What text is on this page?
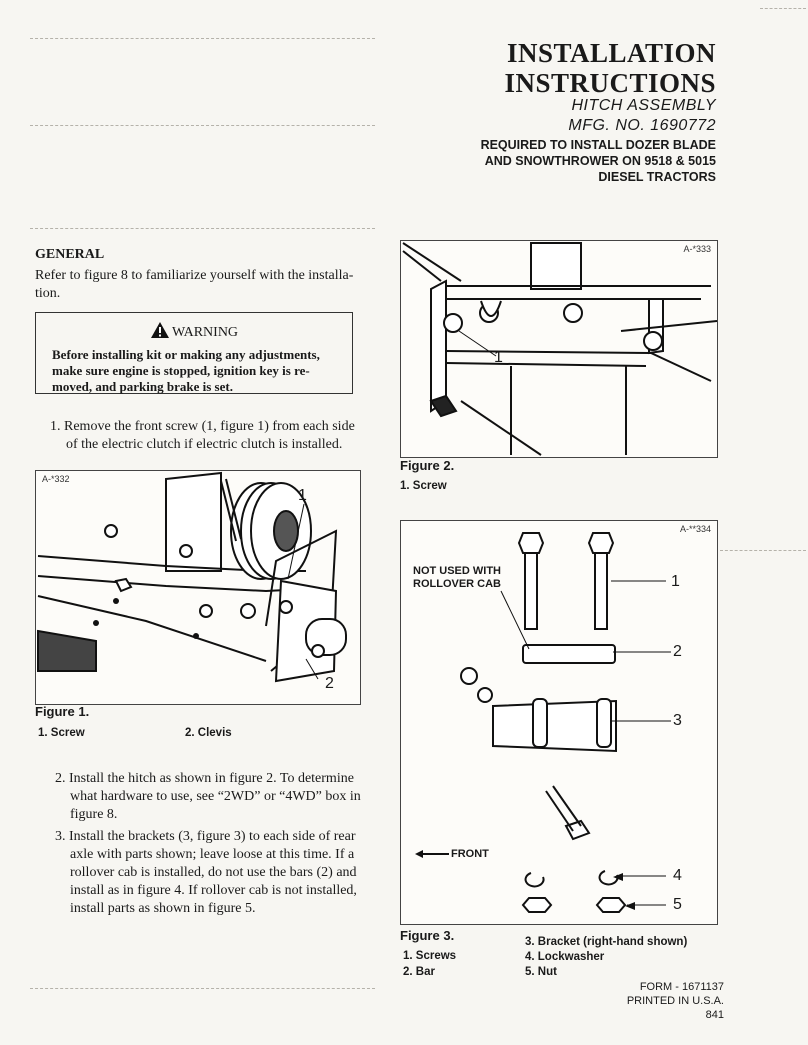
INSTALLATION
INSTRUCTIONS
HITCH ASSEMBLY
MFG. NO. 1690772
REQUIRED TO INSTALL DOZER BLADE
AND SNOWTHROWER ON 9518 & 5015
DIESEL TRACTORS
GENERAL
Refer to figure 8 to familiarize yourself with the installa-
tion.
WARNING
Before installing kit or making any adjustments,
make sure engine is stopped, ignition key is re-
moved, and parking brake is set.
1. Remove the front screw (1, figure 1) from each side
of the electric clutch if electric clutch is installed.
A-*332
1
2
Figure 1.
1. Screw	2. Clevis
2. Install the hitch as shown in figure 2. To determine
what hardware to use, see “2WD” or “4WD” box in
figure 8.
3. Install the brackets (3, figure 3) to each side of rear
axle with parts shown; leave loose at this time. If a
rollover cab is installed, do not use the bars (2) and
install as in figure 4. If rollover cab is not installed,
install parts as shown in figure 5.
A-*333
1
Figure 2.
1. Screw
A-**334
NOT USED WITH
ROLLOVER CAB
FRONT
1
2
3
4
5
Figure 3.
1. Screws
2. Bar
3. Bracket (right-hand shown)
4. Lockwasher
5. Nut
FORM - 1671137
PRINTED IN U.S.A.
841
